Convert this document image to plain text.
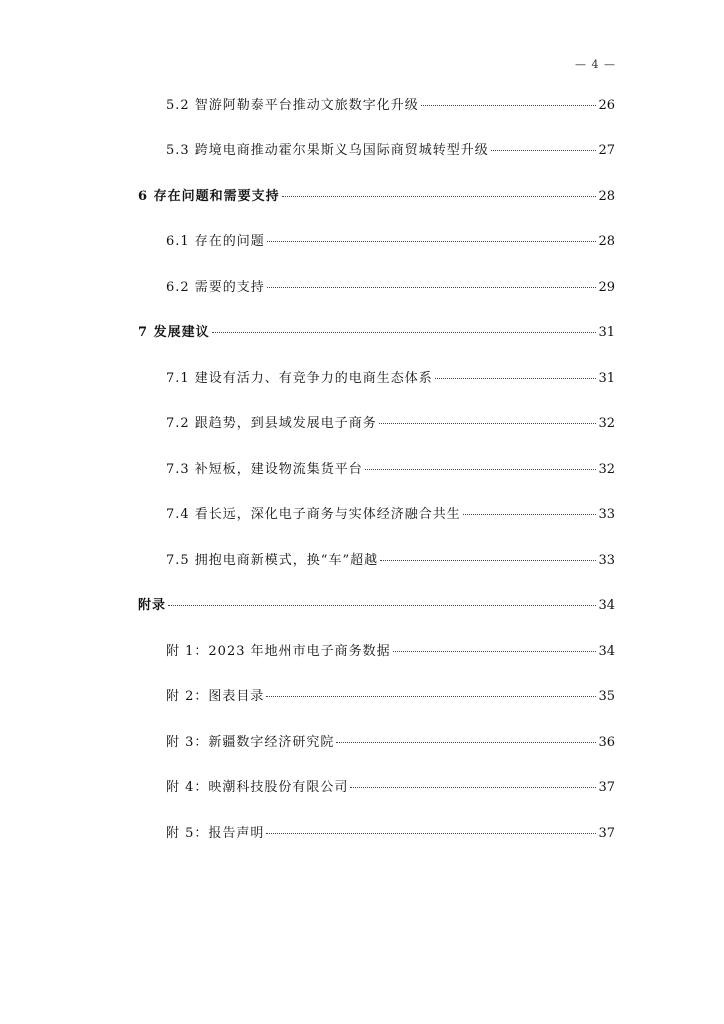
— 4 —
5.2 智游阿勒泰平台推动文旅数字化升级	26
5.3 跨境电商推动霍尔果斯义乌国际商贸城转型升级	27
6 存在问题和需要支持	28
6.1 存在的问题	28
6.2 需要的支持	29
7 发展建议	31
7.1 建设有活力、有竞争力的电商生态体系	31
7.2 跟趋势，到县域发展电子商务	32
7.3 补短板，建设物流集货平台	32
7.4 看长远，深化电子商务与实体经济融合共生	33
7.5 拥抱电商新模式，换“车”超越	33
附录	34
附 1：2023 年地州市电子商务数据	34
附 2：图表目录	35
附 3：新疆数字经济研究院	36
附 4：映潮科技股份有限公司	37
附 5：报告声明	37
